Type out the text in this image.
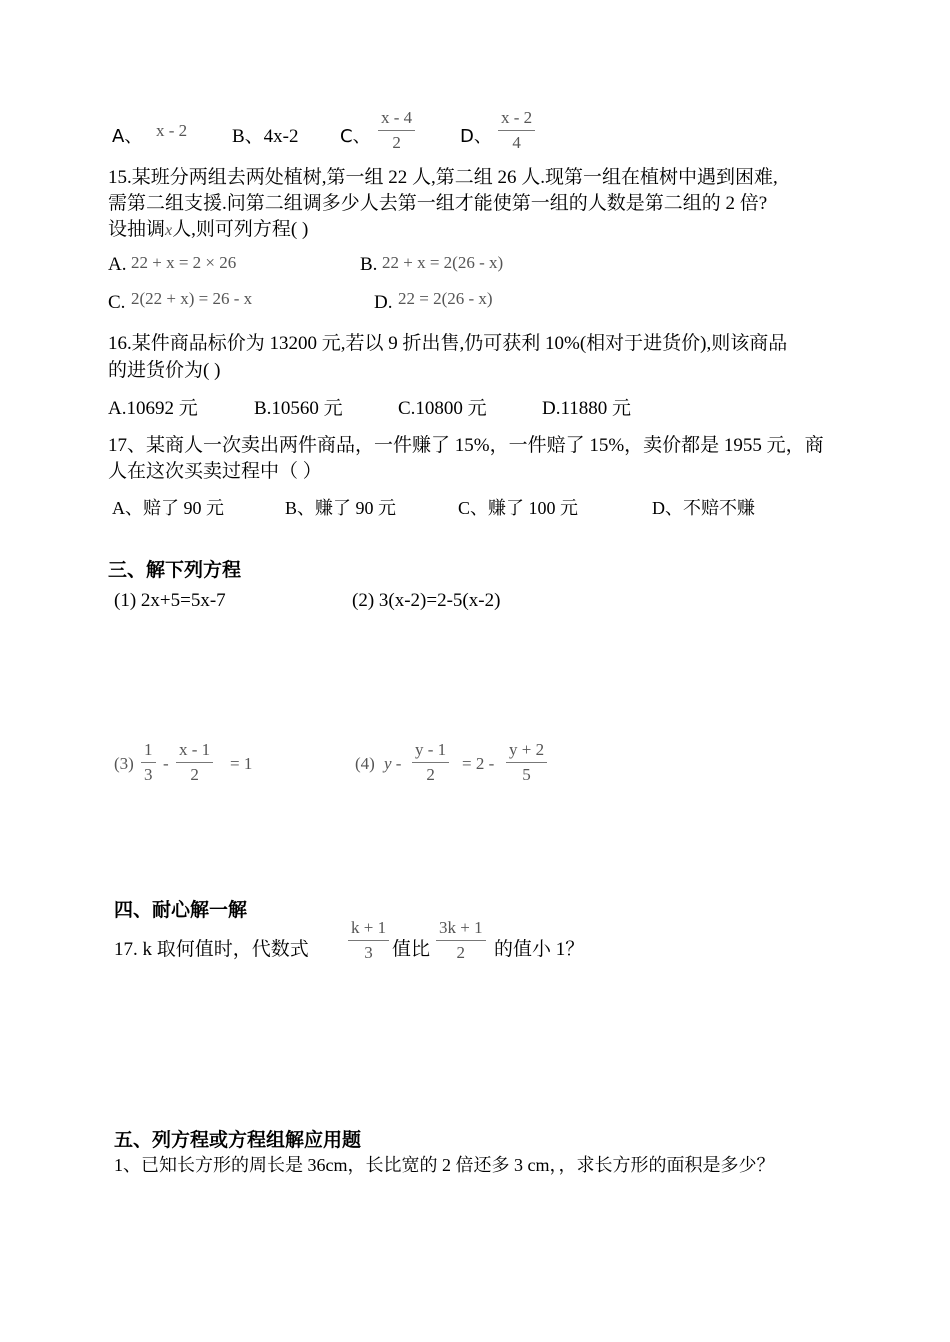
A、 x - 2 B、4x-2 C、
x - 4
2	D、
x - 2
4
15.某班分两组去两处植树,第一组 22 人,第二组 26 人.现第一组在植树中遇到困难,
需第二组支援.问第二组调多少人去第一组才能使第一组的人数是第二组的 2 倍?
设抽调x人,则可列方程( )
A. 22 + x = 2 × 26	B. 22 + x = 2(26 - x)
C. 2(22 + x) = 26 - x	D. 22 = 2(26 - x)
16.某件商品标价为 13200 元,若以 9 折出售,仍可获利 10%(相对于进货价),则该商品
的进货价为( )
A.10692 元	B.10560 元	C.10800 元	D.11880 元
17、某商人一次卖出两件商品，一件赚了 15%，一件赔了 15%，卖价都是 1955 元，商
人在这次买卖过程中（ ）
A、赔了 90 元	B、赚了 90 元	C、赚了 100 元	D、不赔不赚
三、解下列方程
(1) 2x+5=5x-7	(2) 3(x-2)=2-5(x-2)
(3)
1
3
-
x - 1
2
= 1	(4) y -
y - 1
2
= 2 -
y + 2
5
四、耐心解一解
17. k 取何值时，代数式
k + 1
3	值比
3k + 1
2	的值小 1？
五、列方程或方程组解应用题
1、已知长方形的周长是 36cm，长比宽的 2 倍还多 3 cm，，求长方形的面积是多少？
